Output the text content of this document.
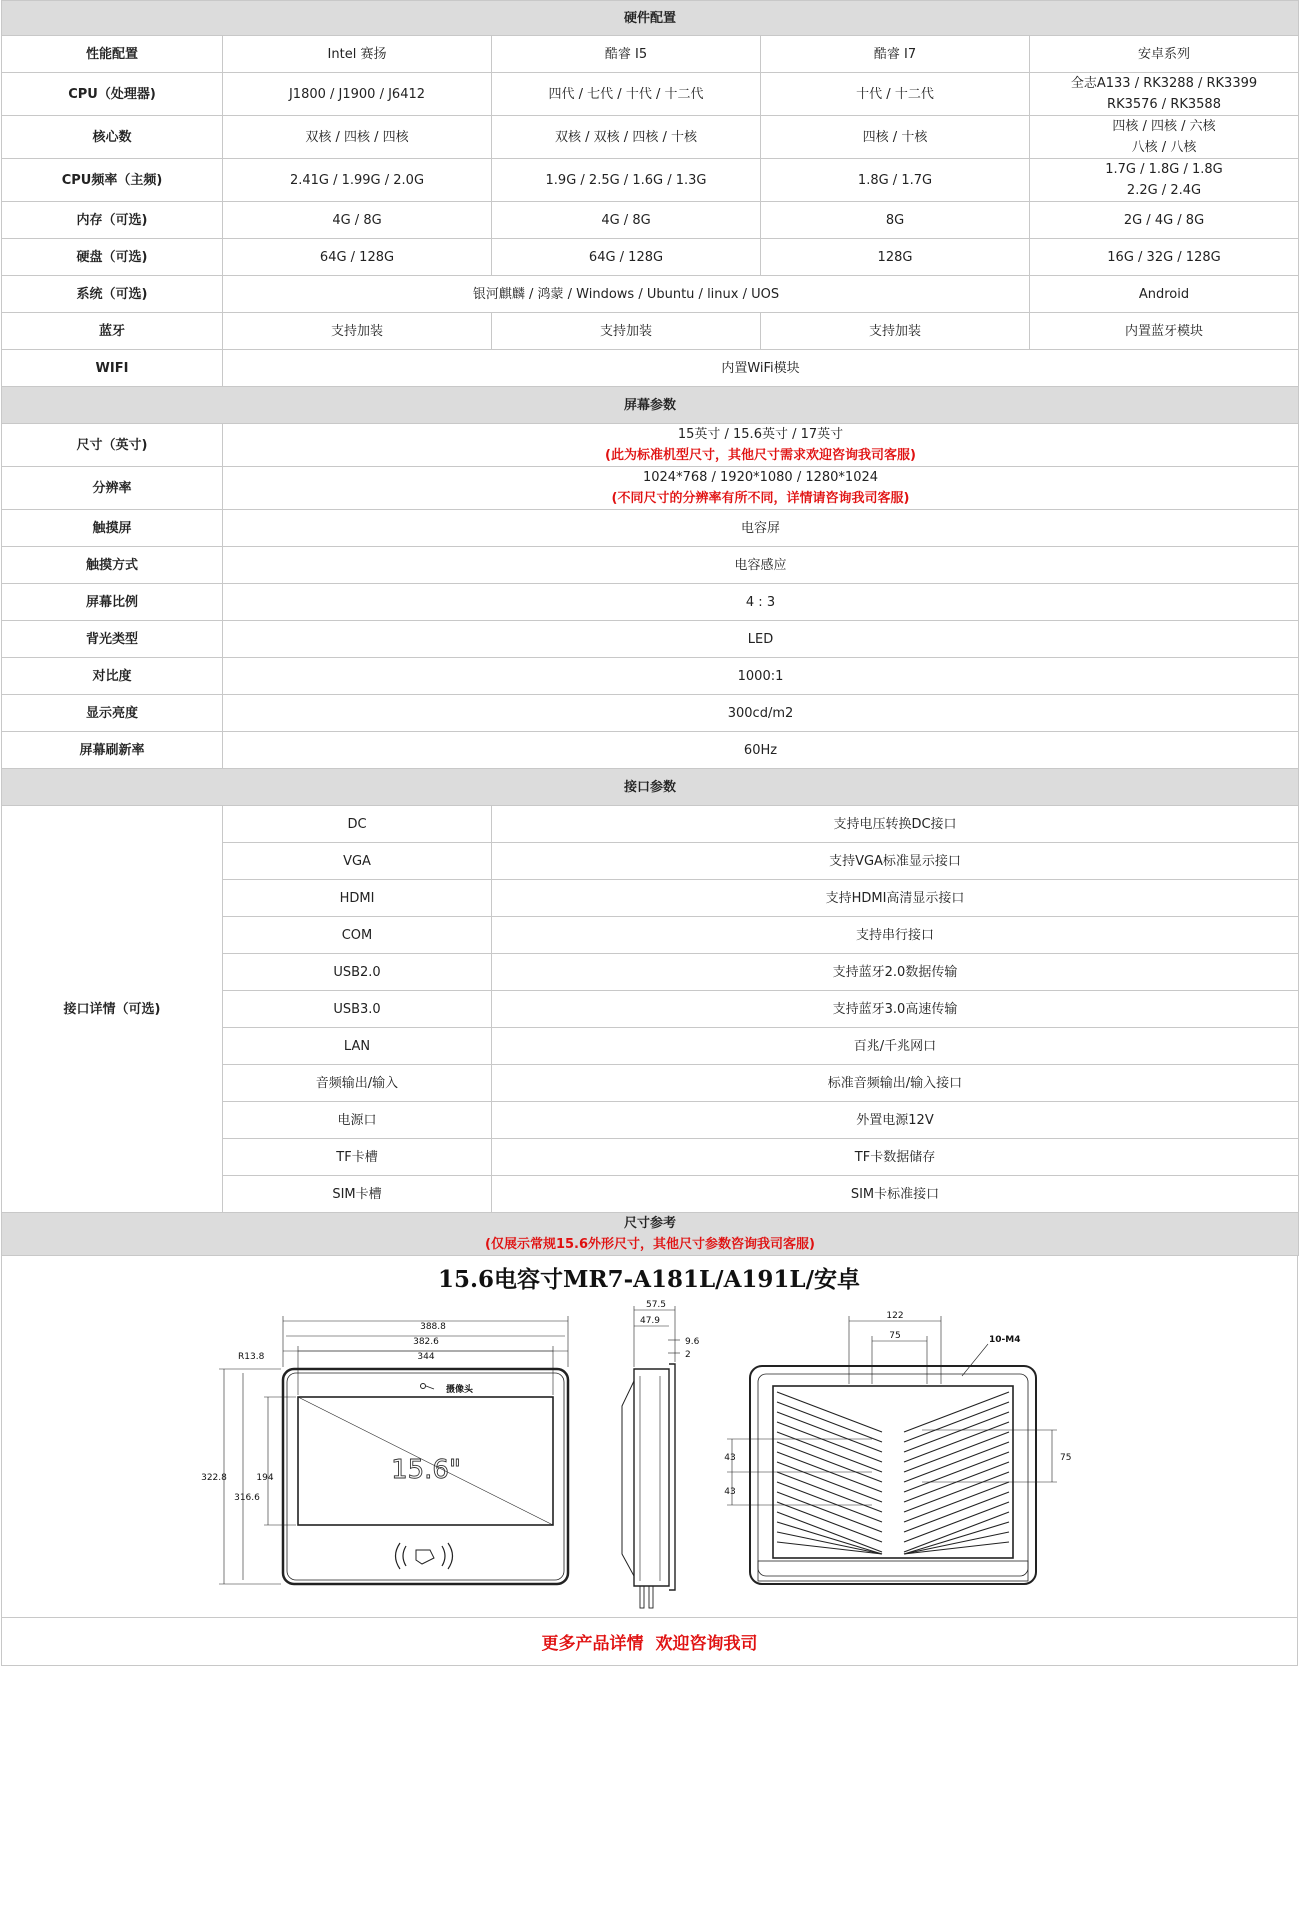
硬件配置				
性能配置	Intel 赛扬	酷睿 I5	酷睿 I7	安卓系列
CPU（处理器)	J1800 / J1900 / J6412	四代 / 七代 / 十代 / 十二代	十代 / 十二代	全志A133 / RK3288 / RK3399
RK3576 / RK3588

核心数	双核 / 四核 / 四核	双核 / 双核 / 四核 / 十核	四核 / 十核	四核 / 四核 / 六核
八核 / 八核

CPU频率（主频)	2.41G / 1.99G / 2.0G	1.9G / 2.5G / 1.6G / 1.3G	1.8G / 1.7G	1.7G / 1.8G / 1.8G
2.2G / 2.4G

内存（可选)	4G / 8G	4G / 8G	8G	2G / 4G / 8G

硬盘（可选)	64G / 128G	64G / 128G	128G	16G / 32G / 128G

系统（可选)	银河麒麟 / 鸿蒙 / Windows / Ubuntu / linux / UOS			Android
蓝牙	支持加装	支持加装	支持加装	内置蓝牙模块
WIFI	内置WiFi模块			
屏幕参数				
尺寸（英寸)	15英寸 / 15.6英寸 / 17英寸
(此为标准机型尺寸，其他尺寸需求欢迎咨询我司客服)			

分辨率	1024*768 / 1920*1080 / 1280*1024
(不同尺寸的分辨率有所不同，详情请咨询我司客服)			

触摸屏	电容屏			
触摸方式	电容感应			
屏幕比例	4 : 3			
背光类型	LED			
对比度	1000:1			
显示亮度	300cd/m2			
屏幕刷新率	60Hz			
接口参数				
接口详情（可选)	DC	支持电压转换DC接口		
	VGA	支持VGA标准显示接口		
	HDMI	支持HDMI高清显示接口		
	COM	支持串行接口		
	USB2.0	支持蓝牙2.0数据传输		
	USB3.0	支持蓝牙3.0高速传输		
	LAN	百兆/千兆网口		
	音频输出/输入	标准音频输出/输入接口		
	电源口	外置电源12V		
	TF卡槽	TF卡数据储存		
	SIM卡槽	SIM卡标准接口		

尺寸参考
(仅展示常规15.6外形尺寸，其他尺寸参数咨询我司客服)				
15.6电容寸MR7-A181L/A191L/安卓
388.8
382.6
344
R13.8
322.8
316.6
194
摄像头
15.6"
57.5
47.9
9.6
2
122
75	10-M4
43
43
75
更多产品详情 欢迎咨询我司
